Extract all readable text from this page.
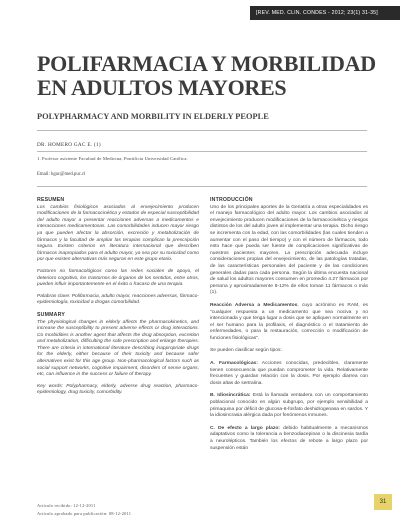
[REV. MED. CLIN. CONDES - 2012; 23(1) 31-35]
POLIFARMACIA Y MORBILIDAD EN ADULTOS MAYORES
POLYPHARMACY AND MORBILITY IN ELDERLY PEOPLE
DR. HOMERO GAC E. (1)
1. Profesor asistente Facultad de Medicina, Pontificia Universidad Católica.
Email: hgac@med.puc.cl
RESUMEN

Los cambios fisiológicos asociados al envejecimiento producen modificaciones de la farmacocinética y estados de especial susceptibilidad del adulto mayor a presentar reacciones adversas a medicamentos e interacciones medicamentosas. Las comorbilidades inducen mayor riesgo ya que pueden afectar la absorción, excreción y metabolización de fármacos y la facultad de ampliar las terapias complican la prescripción segura. Existen criterios en literatura internacional que describen fármacos inapropiados para el adulto mayor, ya sea por su toxicidad como por que existen alternativas más seguras en este grupo etario.

Factores no farmacológicos como las redes sociales de apoyo, el deterioro cognitivo, los trastornos de órganos de los sentidos, entre otros, pueden influir importantemente en el éxito o fracaso de una terapia.

Palabras clave: Polifarmacia, adulto mayor, reacciones adversas, fármaco-epidemiología, toxicidad a drogas comorbilidad.

SUMMARY

The physiological changes in elderly affects the pharmacokinetics, and increase the susceptibility to present adverse effects or drug interactions. Co morbidities is another agent that affects the drug absorption, excretion and metabolization, difficulting the safe prescription and enlarge therapies. There are criteria in international literature describing inappropriate drugs for the elderly, either because of their toxicity and because safer alternatives exist for this age group. Non-pharmacological factors such as social support networks, cognitive impairment, disorders of sense organs, etc, can influence in the success or failure of therapy.

Key words: Polypharmacy, elderly, adverse drug reaction, pharmaco-epidemiology, drug toxicity, comorbidity.

INTRODUCCIÓN

Uno de los principales aportes de la Geriatría a otras especialidades es el manejo farmacológico del adulto mayor. Los cambios asociados al envejecimiento producen modificaciones de la farmacocinética y riesgos distintos de los del adulto joven al implementar una terapia. Dicho riesgo se incrementa con la edad, con las comorbilidades (las cuales tienden a aumentar con el paso del tiempo) y con el número de fármacos, todo esto hace que pueda ser fuente de complicaciones significativas de nuestros pacientes mayores. La prescripción adecuada incluye consideraciones propias del envejecimiento, de las patologías tratadas, de las características personales del paciente y de las condiciones generales dadas para cada persona. Según la última encuesta nacional de salud los adultos mayores consumen en promedio 4.27 fármacos por persona y aproximadamente 8-12% de ellos toman 11 fármacos o más (1).

Reacción Adversa a Medicamentos, cuyo acrónimo es RAM, es "cualquier respuesta a un medicamento que sea nociva y no intencionada y que tenga lugar a dosis que se apliquen normalmente en el ser humano para la profilaxis, el diagnóstico o el tratamiento de enfermedades, o para la restauración, corrección o modificación de funciones fisiológicas".

Se pueden clasificar según tipos:

A. Farmacológicas: Acciones conocidas, predecibles, claramente tienen consecuencia que puedan comprometer la vida. Relativamente frecuentes y guardan relación con la dosis. Por ejemplo diarrea con dosis altas de sertralina.

B. Idiosincrática: Está la llamada ventadera con un comportamiento poblacional conocido en algún subgrupo, por ejemplo sensibilidad a primaquina por déficit de glucosa-6-fosfato deshidrogenasa en sardos. Y la idiosincrasia alérgica dada por fenómenos inmunes.

C. De efecto a largo plazo: debido habitualmente a mecanismos adaptativos como la tolerancia a benzodiacepinas o la discinesia tardía a neurolépticos. También los efectos de rebote a largo plazo por suspensión están

Artículo recibido: 12-12-2011
Artículo aprobado para publicación: 08-12-2011
31
